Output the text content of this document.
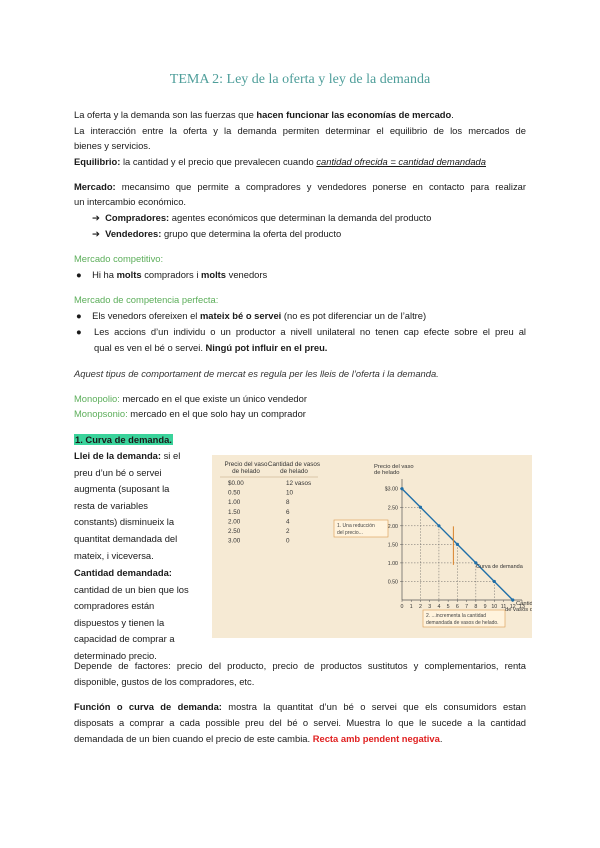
TEMA 2: Ley de la oferta y ley de la demanda
La oferta y la demanda son las fuerzas que hacen funcionar las economías de mercado.
La interacción entre la oferta y la demanda permiten determinar el equilibrio de los mercados de
bienes y servicios.
Equilibrio: la cantidad y el precio que prevalecen cuando cantidad ofrecida = cantidad demandada
Mercado: mecansimo que permite a compradores y vendedores ponerse en contacto para realizar
un intercambio económico.
➔ Compradores: agentes económicos que determinan la demanda del producto
➔ Vendedores: grupo que determina la oferta del producto
Mercado competitivo:
● Hi ha molts compradors i molts venedors
Mercado de competencia perfecta:
● Els venedors ofereixen el mateix bé o servei (no es pot diferenciar un de l’altre)
● Les accions d’un individu o un productor a nivell unilateral no tenen cap efecte sobre el preu al
qual es ven el bé o servei. Ningú pot influir en el preu.
Aquest tipus de comportament de mercat es regula per les lleis de l’oferta i la demanda.
Monopolio: mercado en el que existe un único vendedor
Monopsonio: mercado en el que solo hay un comprador
1. Curva de demanda.
Llei de la demanda: si el
preu d’un bé o servei
augmenta (suposant la
resta de variables
constants) disminueix la
quantitat demandada del
mateix, i viceversa.
Cantidad demandada:
cantidad de un bien que los
compradores están
dispuestos y tienen la
capacidad de comprar a
determinado precio.
Precio del vaso
de helado
Cantidad de vasos
de helado
$0.00	12 vasos
0.50	10
1.00	8
1.50	6
2.00	4
2.50	2
3.00	0
Precio del vaso
de helado
Cantid
de vasos d
0 1 2 3 4 5 6 7 8 9 10 11 12 13
$3.00
2.50
2.00
1.50
1.00
0.50
1. Una reducción
del precio...
2. ...incrementa la cantidad
demandada de vasos de helado.
Curva de demanda
Depende de factores: precio del producto, precio de productos sustitutos y complementarios, renta
disponible, gustos de los compradores, etc.
Función o curva de demanda: mostra la quantitat d’un bé o servei que els consumidors estan
disposats a comprar a cada possible preu del bé o servei. Muestra lo que le sucede a la cantidad
demandada de un bien cuando el precio de este cambia. Recta amb pendent negativa.
